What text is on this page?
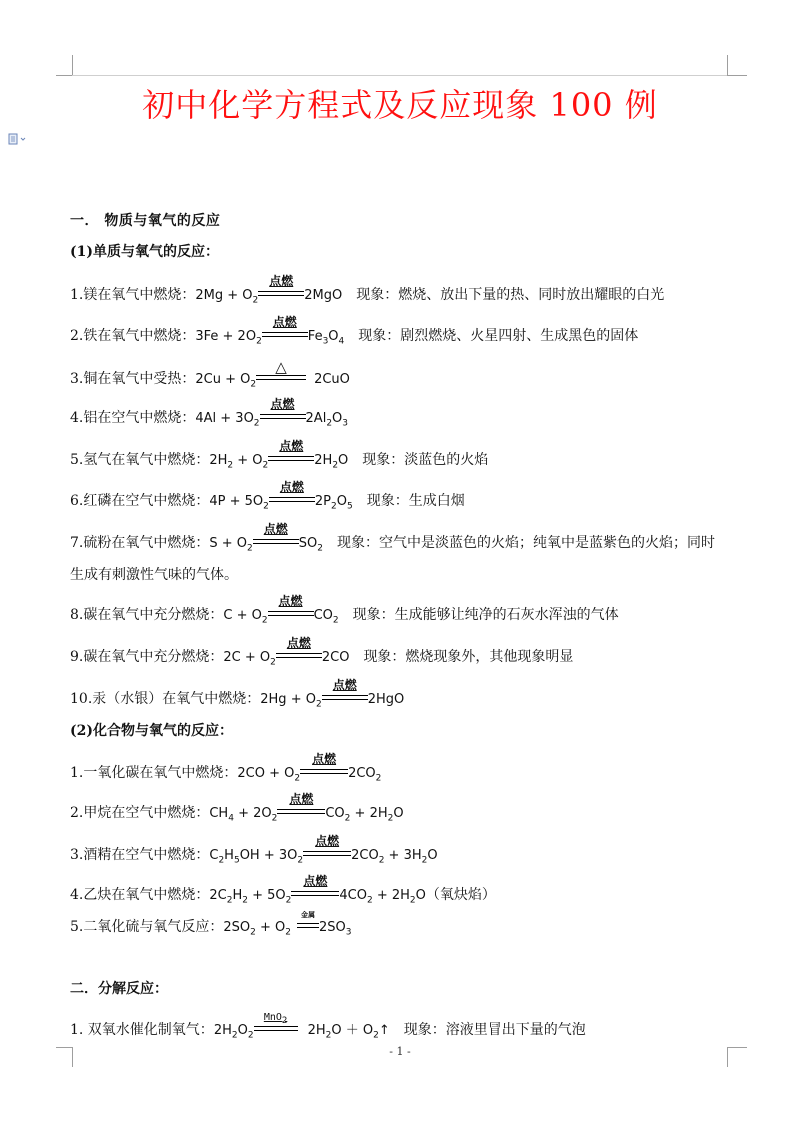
初中化学方程式及反应现象 100 例
一． 物质与氧气的反应
(1)单质与氧气的反应：
1.镁在氧气中燃烧：$2Mg + O_2$
点燃
2MgO 现象：燃烧、放出下量的热、同时放出耀眼的白光
2.铁在氧气中燃烧：$3Fe + 2O_2$
点燃
$Fe_3O_4$ 现象：剧烈燃烧、火星四射、生成黑色的固体
3.铜在氧气中受热：$2Cu + O_2$
△
2CuO
4.铝在空气中燃烧：$4Al + 3O_2$
点燃
$2Al_2O_3$
5.氢气在氧气中燃烧：$2H_2 + O_2$
点燃
$2H_2O$ 现象：淡蓝色的火焰
6.红磷在空气中燃烧：$4P + 5O_2$
点燃
$2P_2O_5$ 现象：生成白烟
7.硫粉在氧气中燃烧：$S + O_2$
点燃
$SO_2$ 现象：空气中是淡蓝色的火焰；纯氧中是蓝紫色的火焰；同时
生成有刺激性气味的气体。
8.碳在氧气中充分燃烧：$C + O_2$
点燃
$CO_2$ 现象：生成能够让纯净的石灰水浑浊的气体
9.碳在氧气中充分燃烧：$2C + O_2$
点燃
2CO 现象：燃烧现象外，其他现象明显
10.汞（水银）在氧气中燃烧：$2Hg + O_2$
点燃
2HgO
(2)化合物与氧气的反应：
1.一氧化碳在氧气中燃烧：$2CO + O_2$
点燃
$2CO_2$
2.甲烷在空气中燃烧：$CH_4 + 2O_2$
点燃
$CO_2 + 2H_2O$
3.酒精在空气中燃烧：$C_2H_5OH + 3O_2$
点燃
$2CO_2 + 3H_2O$
4.乙炔在氧气中燃烧：$2C_2H_2 + 5O_2$
点燃
$4CO_2 + 2H_2O$（氧炔焰）
5.二氧化硫与氧气反应：$2SO_2 + O_2$
金属
$2SO_3$
二．分解反应：
1. 双氧水催化制氧气：$2H_2O_2$
MnO$_2$
$2H_2O$ ＋ $O_2↑$ 现象：溶液里冒出下量的气泡
- 1 -
